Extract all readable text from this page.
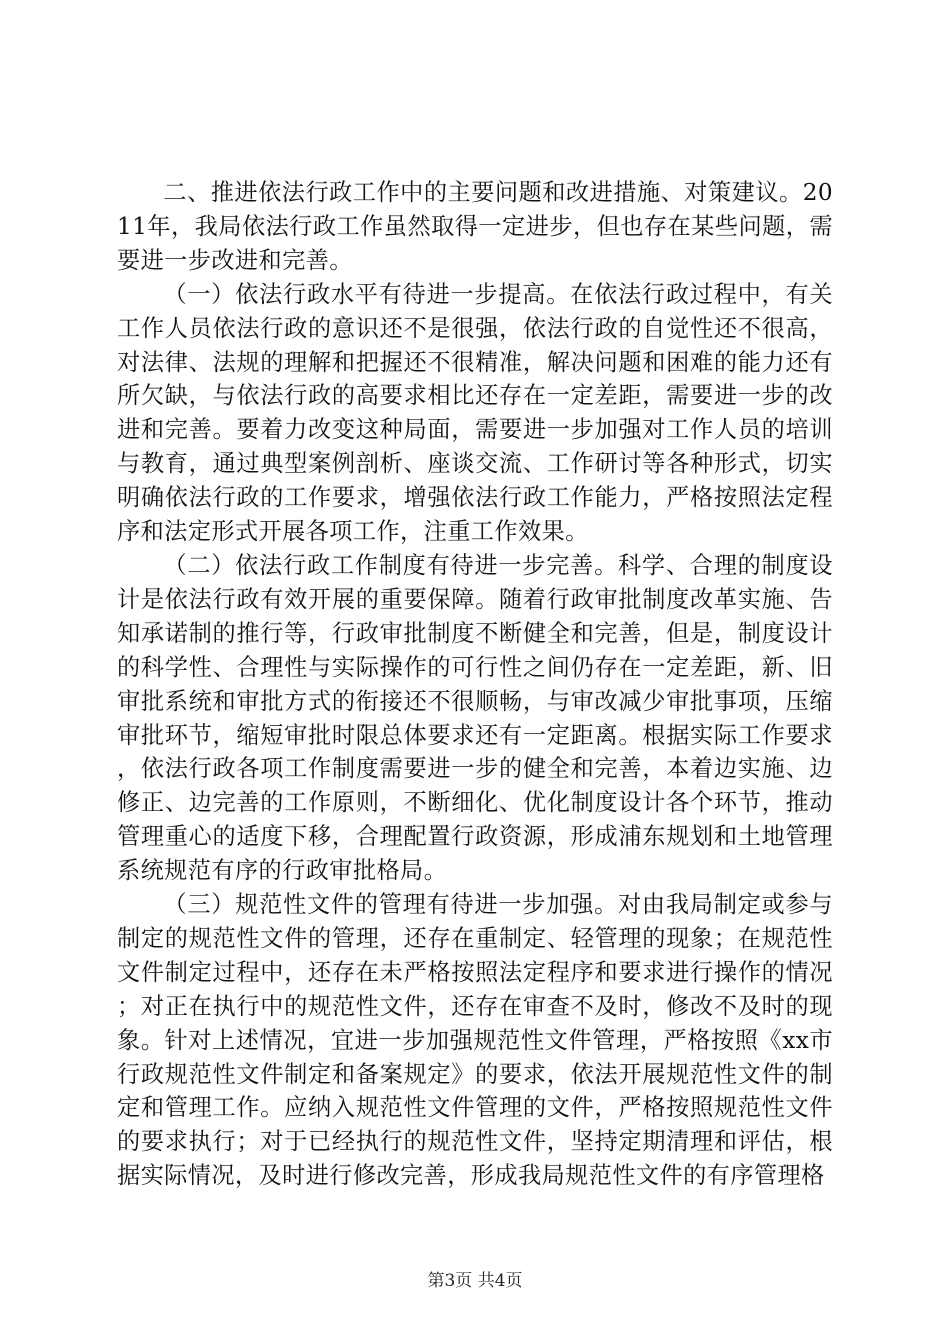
二、推进依法行政工作中的主要问题和改进措施、对策建议。2011年，我局依法行政工作虽然取得一定进步，但也存在某些问题，需要进一步改进和完善。

（一）依法行政水平有待进一步提高。在依法行政过程中，有关工作人员依法行政的意识还不是很强，依法行政的自觉性还不很高，对法律、法规的理解和把握还不很精准，解决问题和困难的能力还有所欠缺，与依法行政的高要求相比还存在一定差距，需要进一步的改进和完善。要着力改变这种局面，需要进一步加强对工作人员的培训与教育，通过典型案例剖析、座谈交流、工作研讨等各种形式，切实明确依法行政的工作要求，增强依法行政工作能力，严格按照法定程序和法定形式开展各项工作，注重工作效果。

（二）依法行政工作制度有待进一步完善。科学、合理的制度设计是依法行政有效开展的重要保障。随着行政审批制度改革实施、告知承诺制的推行等，行政审批制度不断健全和完善，但是，制度设计的科学性、合理性与实际操作的可行性之间仍存在一定差距，新、旧审批系统和审批方式的衔接还不很顺畅，与审改减少审批事项，压缩审批环节，缩短审批时限总体要求还有一定距离。根据实际工作要求，依法行政各项工作制度需要进一步的健全和完善，本着边实施、边修正、边完善的工作原则，不断细化、优化制度设计各个环节，推动管理重心的适度下移，合理配置行政资源，形成浦东规划和土地管理系统规范有序的行政审批格局。

（三）规范性文件的管理有待进一步加强。对由我局制定或参与制定的规范性文件的管理，还存在重制定、轻管理的现象；在规范性文件制定过程中，还存在未严格按照法定程序和要求进行操作的情况；对正在执行中的规范性文件，还存在审查不及时，修改不及时的现象。针对上述情况，宜进一步加强规范性文件管理，严格按照《xx市行政规范性文件制定和备案规定》的要求，依法开展规范性文件的制定和管理工作。应纳入规范性文件管理的文件，严格按照规范性文件的要求执行；对于已经执行的规范性文件，坚持定期清理和评估，根据实际情况，及时进行修改完善，形成我局规范性文件的有序管理格

第3页 共4页
